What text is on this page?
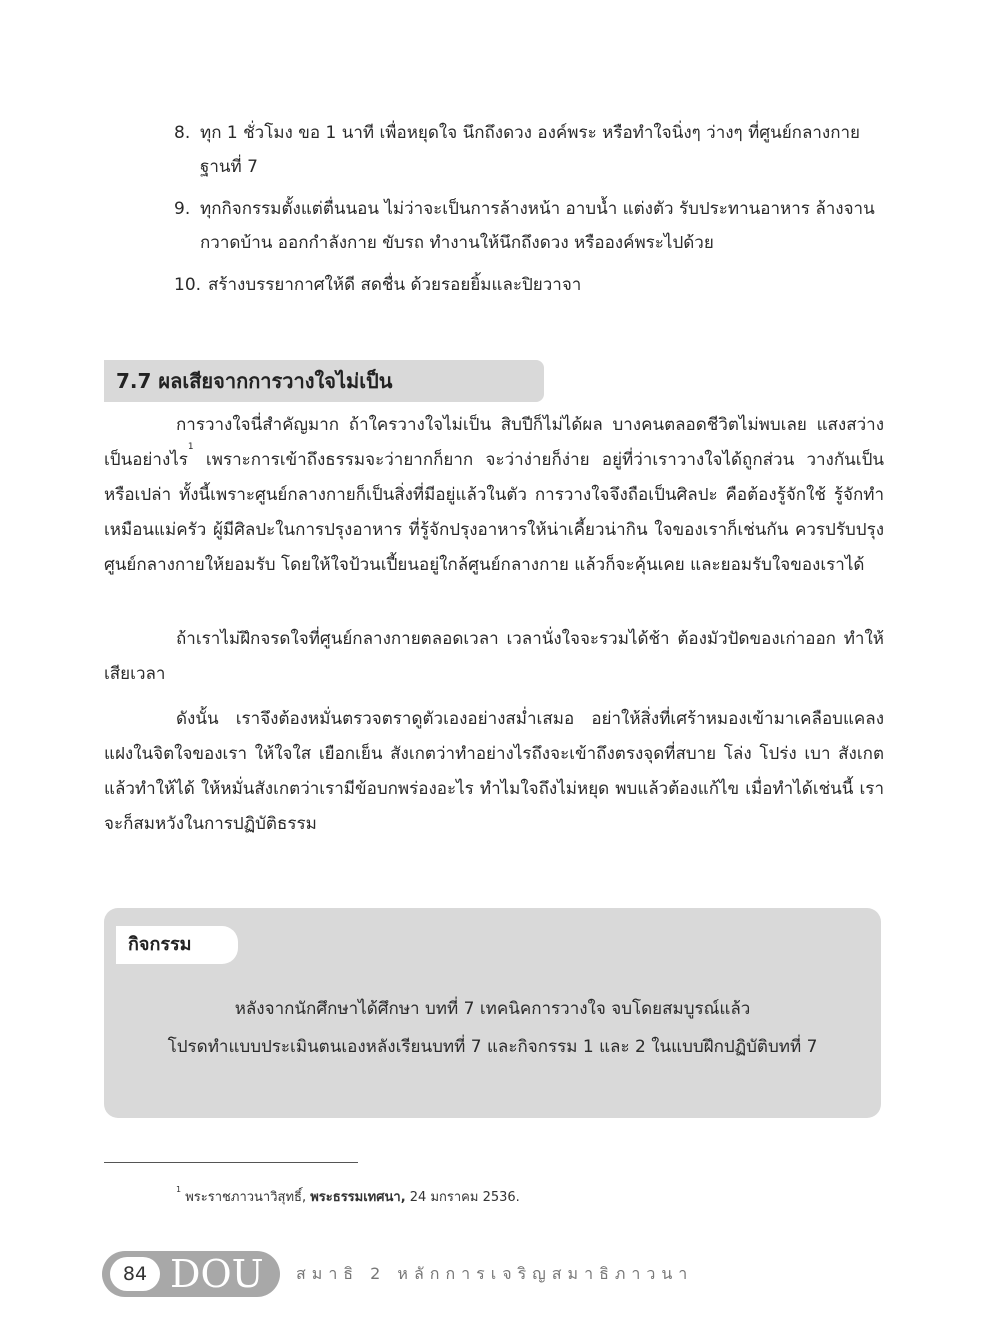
8. ทุก 1 ชั่วโมง ขอ 1 นาที เพื่อหยุดใจ นึกถึงดวง องค์พระ หรือทำใจนิ่งๆ ว่างๆ ที่ศูนย์กลางกายฐานที่ 7
9. ทุกกิจกรรมตั้งแต่ตื่นนอน ไม่ว่าจะเป็นการล้างหน้า อาบน้ำ แต่งตัว รับประทานอาหาร ล้างจาน กวาดบ้าน ออกกำลังกาย ขับรถ ทำงานให้นึกถึงดวง หรือองค์พระไปด้วย
10. สร้างบรรยากาศให้ดี สดชื่น ด้วยรอยยิ้มและปิยวาจา
7.7 ผลเสียจากการวางใจไม่เป็น

การวางใจนี่สำคัญมาก ถ้าใครวางใจไม่เป็น สิบปีก็ไม่ได้ผล บางคนตลอดชีวิตไม่พบเลย แสงสว่างเป็นอย่างไร$^1$ เพราะการเข้าถึงธรรมจะว่ายากก็ยาก จะว่าง่ายก็ง่าย อยู่ที่ว่าเราวางใจได้ถูกส่วน วางกันเป็นหรือเปล่า ทั้งนี้เพราะศูนย์กลางกายก็เป็นสิ่งที่มีอยู่แล้วในตัว การวางใจจึงถือเป็นศิลปะ คือต้องรู้จักใช้ รู้จักทำ เหมือนแม่ครัว ผู้มีศิลปะในการปรุงอาหาร ที่รู้จักปรุงอาหารให้น่าเคี้ยวน่ากิน ใจของเราก็เช่นกัน ควรปรับปรุงศูนย์กลางกายให้ยอมรับ โดยให้ใจป้วนเปี้ยนอยู่ใกล้ศูนย์กลางกาย แล้วก็จะคุ้นเคย และยอมรับใจของเราได้

ถ้าเราไม่ฝึกจรดใจที่ศูนย์กลางกายตลอดเวลา เวลานั่งใจจะรวมได้ช้า ต้องมัวปัดของเก่าออก ทำให้เสียเวลา

ดังนั้น เราจึงต้องหมั่นตรวจตราดูตัวเองอย่างสม่ำเสมอ อย่าให้สิ่งที่เศร้าหมองเข้ามาเคลือบแคลงแฝงในจิตใจของเรา ให้ใจใส เยือกเย็น สังเกตว่าทำอย่างไรถึงจะเข้าถึงตรงจุดที่สบาย โล่ง โปร่ง เบา สังเกตแล้วทำให้ได้ ให้หมั่นสังเกตว่าเรามีข้อบกพร่องอะไร ทำไมใจถึงไม่หยุด พบแล้วต้องแก้ไข เมื่อทำได้เช่นนี้ เราจะก็สมหวังในการปฏิบัติธรรม

กิจกรรม
หลังจากนักศึกษาได้ศึกษา บทที่ 7 เทคนิคการวางใจ จบโดยสมบูรณ์แล้ว
โปรดทำแบบประเมินตนเองหลังเรียนบทที่ 7 และกิจกรรม 1 และ 2 ในแบบฝึกปฏิบัติบทที่ 7
$^1$ พระราชภาวนาวิสุทธิ์, พระธรรมเทศนา, 24 มกราคม 2536.
84 DOU สมาธิ 2 หลักการเจริญสมาธิภาวนา
